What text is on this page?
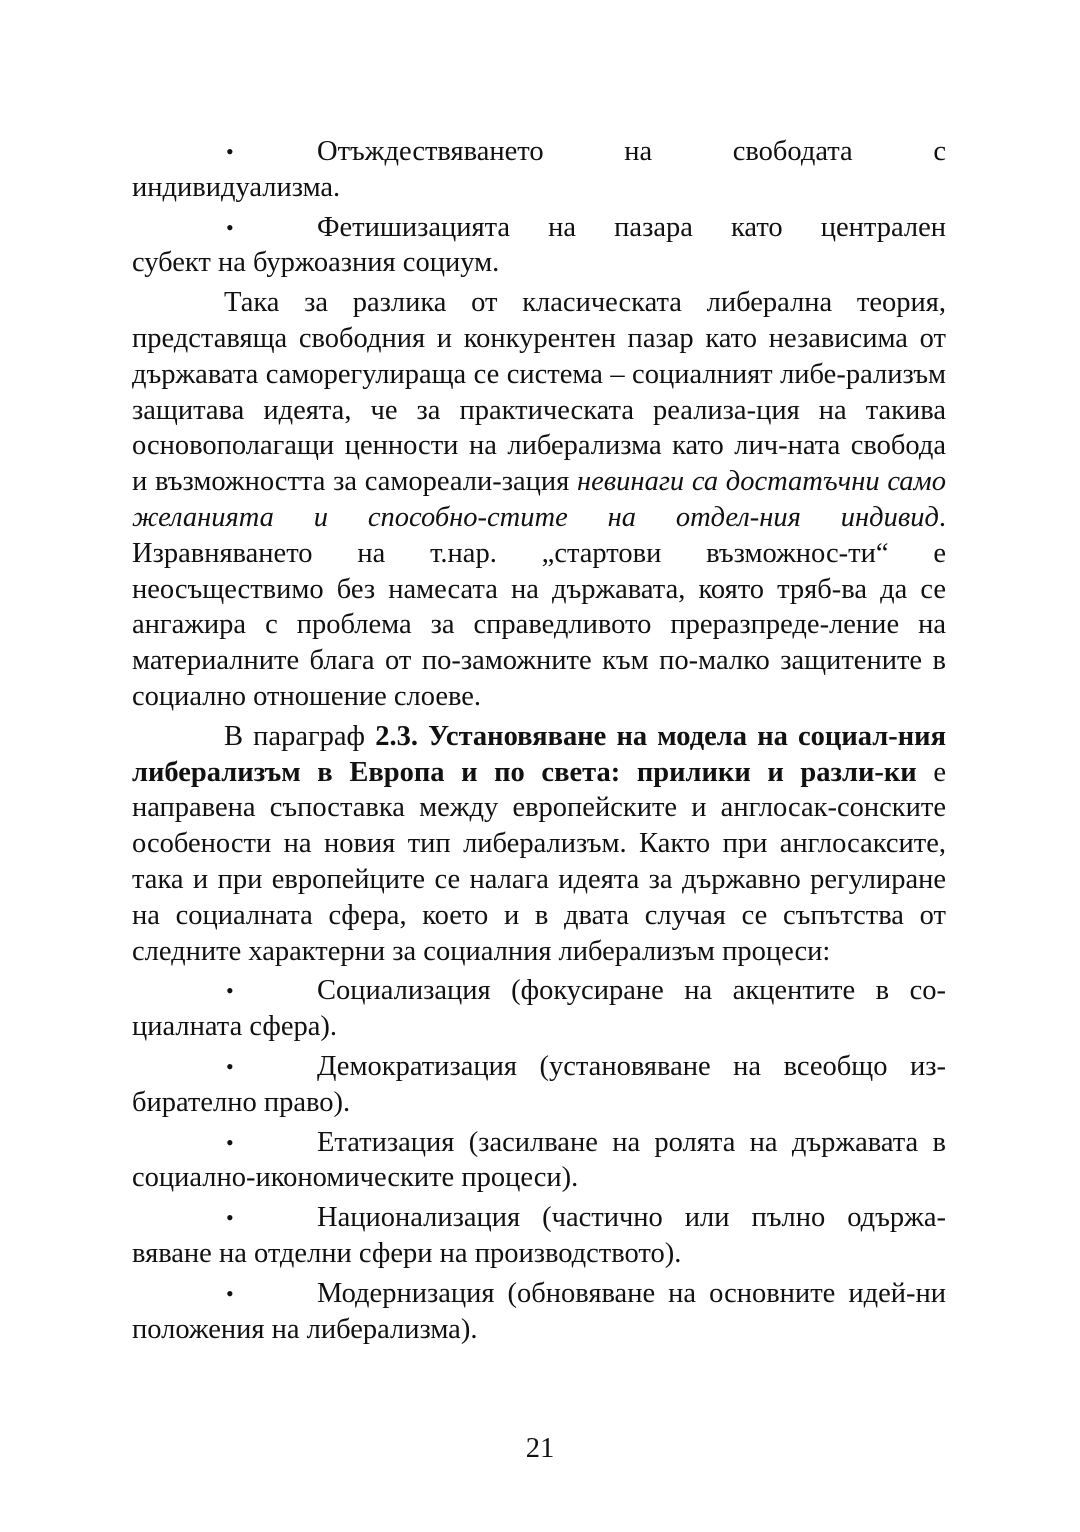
•	Отъждествяването на свободата с
индивидуализма.

•	Фетишизацията на пазара като централен
субект на буржоазния социум.

Така за разлика от класическата либерална теория, представяща свободния и конкурентен пазар като независима от държавата саморегулираща се система – социалният либе-рализъм защитава идеята, че за практическата реализа-ция на такива основополагащи ценности на либерализма като лич-ната свобода и възможността за самореали-зация невинаги са достатъчни само желанията и способно-стите на отдел-ния индивид. Изравняването на т.нар. „стартови възможнос-ти“ е неосъществимо без намесата на държавата, която тряб-ва да се ангажира с проблема за справедливото преразпреде-ление на материалните блага от по-заможните към по-малко защитените в социално отношение слоеве.

В параграф 2.3. Установяване на модела на социал-ния либерализъм в Европа и по света: прилики и разли-ки е направена съпоставка между европейските и англосак-сонските особености на новия тип либерализъм. Както при англосаксите, така и при европейците се налага идеята за държавно регулиране на социалната сфера, което и в двата случая се съпътства от следните характерни за социалния либерализъм процеси:

•	Социализация (фокусиране на акцентите в со-циалната сфера).

•	Демократизация (установяване на всеобщо из-бирателно право).

•	Етатизация (засилване на ролята на държавата в социално-икономическите процеси).

•	Национализация (частично или пълно одържа-вяване на отделни сфери на производството).

•	Модернизация (обновяване на основните идей-ни положения на либерализма).

21
